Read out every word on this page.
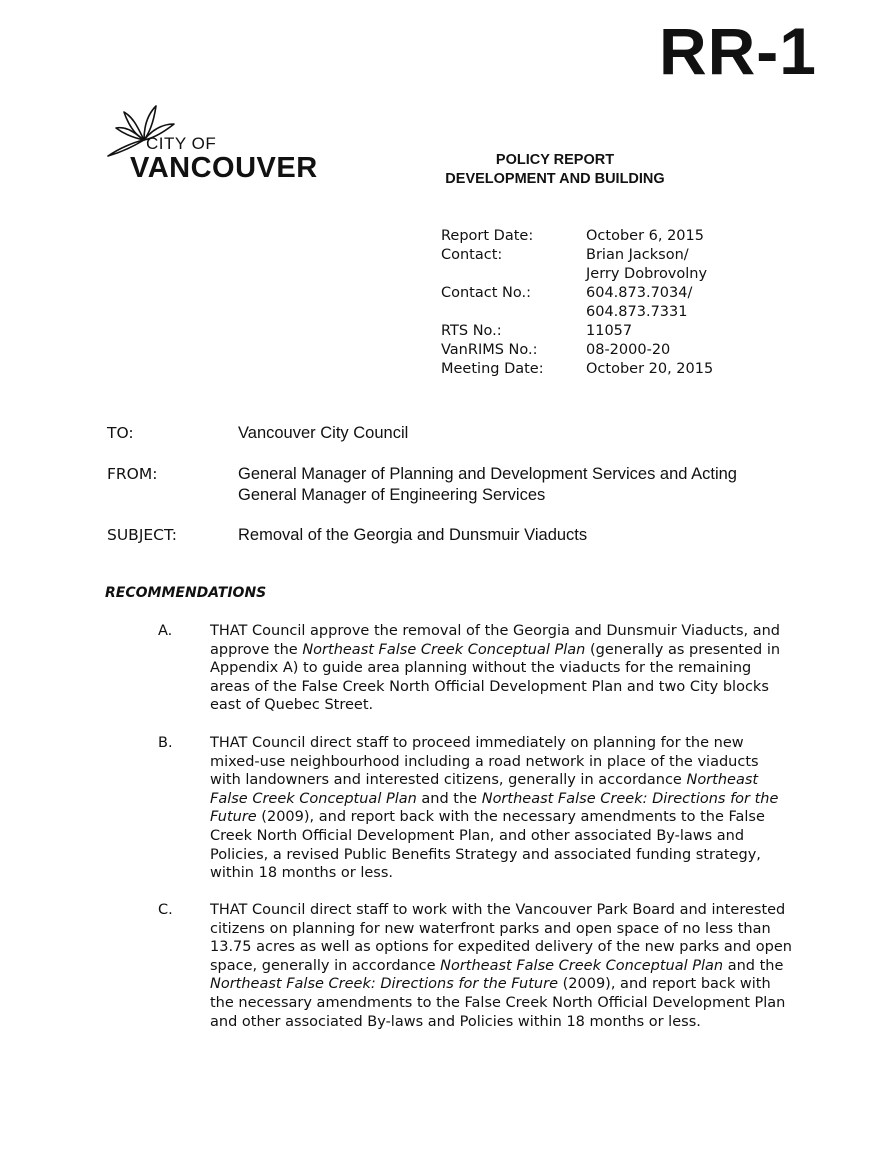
RR-1
CITY OF
VANCOUVER	POLICY REPORT
DEVELOPMENT AND BUILDING
Report Date:	October 6, 2015
Contact:	Brian Jackson/
Jerry Dobrovolny
Contact No.:	604.873.7034/
604.873.7331
RTS No.:	11057
VanRIMS No.:	08-2000-20
Meeting Date:	October 20, 2015
TO:	Vancouver City Council
FROM:	General Manager of Planning and Development Services and Acting General Manager of Engineering Services
SUBJECT:	Removal of the Georgia and Dunsmuir Viaducts
RECOMMENDATIONS
A.	THAT Council approve the removal of the Georgia and Dunsmuir Viaducts, and approve the Northeast False Creek Conceptual Plan (generally as presented in Appendix A) to guide area planning without the viaducts for the remaining areas of the False Creek North Official Development Plan and two City blocks east of Quebec Street.
B.	THAT Council direct staff to proceed immediately on planning for the new mixed-use neighbourhood including a road network in place of the viaducts with landowners and interested citizens, generally in accordance Northeast False Creek Conceptual Plan and the Northeast False Creek: Directions for the Future (2009), and report back with the necessary amendments to the False Creek North Official Development Plan, and other associated By-laws and Policies, a revised Public Benefits Strategy and associated funding strategy, within 18 months or less.
C.	THAT Council direct staff to work with the Vancouver Park Board and interested citizens on planning for new waterfront parks and open space of no less than 13.75 acres as well as options for expedited delivery of the new parks and open space, generally in accordance Northeast False Creek Conceptual Plan and the Northeast False Creek: Directions for the Future (2009), and report back with the necessary amendments to the False Creek North Official Development Plan and other associated By-laws and Policies within 18 months or less.
